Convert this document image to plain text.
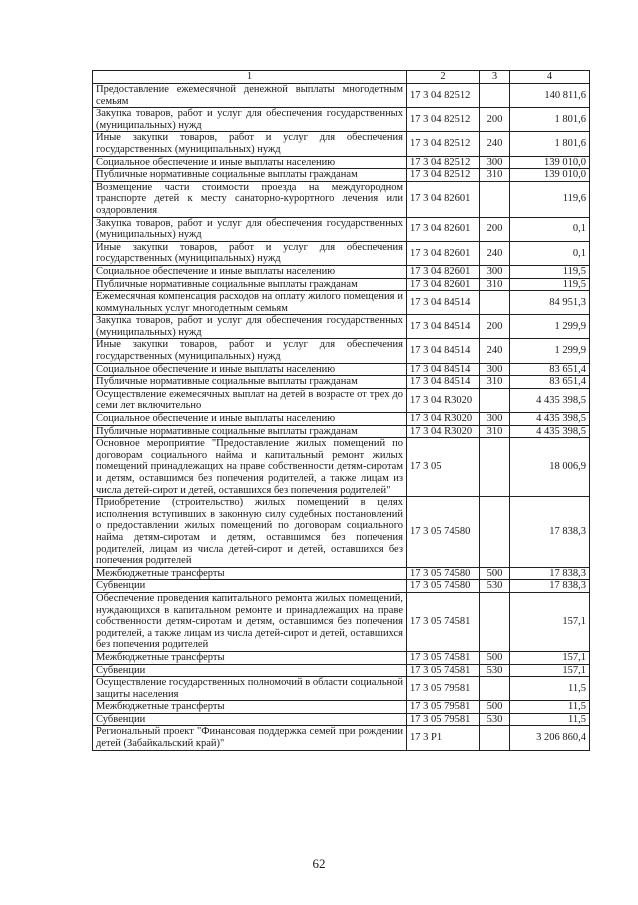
1	2	3	4
Предоставление ежемесячной денежной выплаты многодетным семьям	17 3 04 82512		140 811,6
Закупка товаров, работ и услуг для обеспечения государственных (муниципальных) нужд	17 3 04 82512	200	1 801,6
Иные закупки товаров, работ и услуг для обеспечения государственных (муниципальных) нужд	17 3 04 82512	240	1 801,6
Социальное обеспечение и иные выплаты населению	17 3 04 82512	300	139 010,0
Публичные нормативные социальные выплаты гражданам	17 3 04 82512	310	139 010,0
Возмещение части стоимости проезда на междугородном транспорте детей к месту санаторно-курортного лечения или оздоровления	17 3 04 82601		119,6
Закупка товаров, работ и услуг для обеспечения государственных (муниципальных) нужд	17 3 04 82601	200	0,1
Иные закупки товаров, работ и услуг для обеспечения государственных (муниципальных) нужд	17 3 04 82601	240	0,1
Социальное обеспечение и иные выплаты населению	17 3 04 82601	300	119,5
Публичные нормативные социальные выплаты гражданам	17 3 04 82601	310	119,5
Ежемесячная компенсация расходов на оплату жилого помещения и коммунальных услуг многодетным семьям	17 3 04 84514		84 951,3
Закупка товаров, работ и услуг для обеспечения государственных (муниципальных) нужд	17 3 04 84514	200	1 299,9
Иные закупки товаров, работ и услуг для обеспечения государственных (муниципальных) нужд	17 3 04 84514	240	1 299,9
Социальное обеспечение и иные выплаты населению	17 3 04 84514	300	83 651,4
Публичные нормативные социальные выплаты гражданам	17 3 04 84514	310	83 651,4
Осуществление ежемесячных выплат на детей в возрасте от трех до семи лет включительно	17 3 04 R3020		4 435 398,5
Социальное обеспечение и иные выплаты населению	17 3 04 R3020	300	4 435 398,5
Публичные нормативные социальные выплаты гражданам	17 3 04 R3020	310	4 435 398,5
Основное мероприятие "Предоставление жилых помещений по договорам социального найма и капитальный ремонт жилых помещений принадлежащих на праве собственности детям-сиротам и детям, оставшимся без попечения родителей, а также лицам из числа детей-сирот и детей, оставшихся без попечения родителей"	17 3 05		18 006,9
Приобретение (строительство) жилых помещений в целях исполнения вступивших в законную силу судебных постановлений о предоставлении жилых помещений по договорам социального найма детям-сиротам и детям, оставшимся без попечения родителей, лицам из числа детей-сирот и детей, оставшихся без попечения родителей	17 3 05 74580		17 838,3
Межбюджетные трансферты	17 3 05 74580	500	17 838,3
Субвенции	17 3 05 74580	530	17 838,3
Обеспечение проведения капитального ремонта жилых помещений, нуждающихся в капитальном ремонте и принадлежащих на праве собственности детям-сиротам и детям, оставшимся без попечения родителей, а также лицам из числа детей-сирот и детей, оставшихся без попечения родителей	17 3 05 74581		157,1
Межбюджетные трансферты	17 3 05 74581	500	157,1
Субвенции	17 3 05 74581	530	157,1
Осуществление государственных полномочий в области социальной защиты населения	17 3 05 79581		11,5
Межбюджетные трансферты	17 3 05 79581	500	11,5
Субвенции	17 3 05 79581	530	11,5
Региональный проект "Финансовая поддержка семей при рождении детей (Забайкальский край)"	17 3 P1		3 206 860,4
62
